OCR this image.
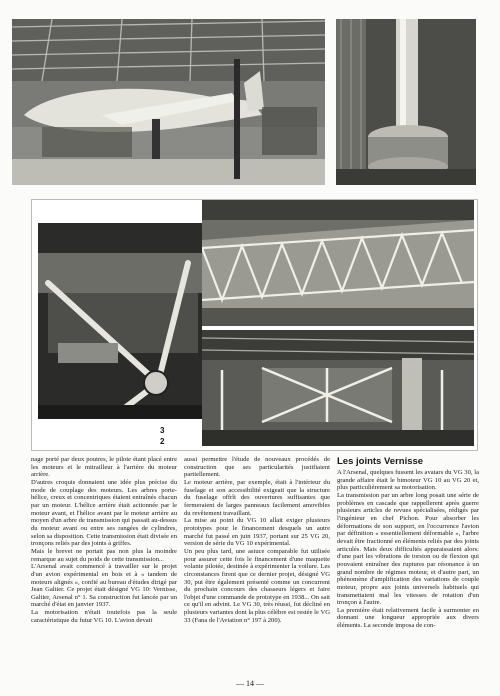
3
2

nage porté par deux poutres, le pilote étant placé entre les moteurs et le mitrailleur à l'arrière du moteur arrière.

D'autres croquis donnaient une idée plus précise du mode de couplage des moteurs. Les arbres porte-hélice, creux et concentriques étaient entraînés chacun par un moteur. L'hélice arrière était actionnée par le moteur avant, et l'hélice avant par le moteur arrière au moyen d'un arbre de transmission qui passait au-dessus du moteur avant ou entre ses rangées de cylindres, selon sa disposition. Cette transmission était divisée en tronçons reliés par des joints à griffes.

Mais le brevet ne portait pas non plus la moindre remarque au sujet du poids de cette transmission...

L'Arsenal avait commencé à travailler sur le projet d'un avion expérimental en bois et à « tandem de moteurs alignés », confié au bureau d'études dirigé par Jean Galtier. Ce projet était désigné VG 10: Vernisse, Galtier, Arsenal n° 1. Sa construction fut lancée par un marché d'état en janvier 1937.

La motorisation n'était toutefois pas la seule caractéristique du futur VG 10. L'avion devait

aussi permettre l'étude de nouveaux procédés de construction que ses particularités justifiaient partiellement.

Le moteur arrière, par exemple, était à l'intérieur du fuselage et son accessibilité exigeait que la structure du fuselage offrît des ouvertures suffisantes que fermeraient de larges panneaux facilement amovibles du revêtement travaillant.

La mise au point du VG 10 allait exiger plusieurs prototypes pour le financement desquels un autre marché fut passé en juin 1937, portant sur 25 VG 20, version de série du VG 10 expérimental.

Un peu plus tard, une astuce comparable fut utilisée pour assurer cette fois le financement d'une maquette volante pilotée, destinée à expérimenter la voilure. Les circonstances firent que ce dernier projet, désigné VG 30, put être également présenté comme un concurrent du prochain concours des chasseurs légers et faire l'objet d'une commande de prototype en 1938... On sait ce qu'il en advint. Le VG 30, très réussi, fut décliné en plusieurs variantes dont la plus célèbre est restée le VG 33 (Fana de l'Aviation n° 197 à 200).

Les joints Vernisse

A l'Arsenal, quelques fussent les avatars du VG 30, la grande affaire était le bimoteur VG 10 au VG 20 et, plus particulièrement sa motorisation.

La transmission par un arbre long posait une série de problèmes en cascade que rappellerent après guerre plusieurs articles de revues spécialisées, rédigés par l'ingénieur en chef Pichon. Pour absorber les déformations de son support, en l'occurrence l'avion par définition « essentiellement déformable », l'arbre devait être fractionné en éléments reliés par des joints articulés. Mais deux difficultés apparaissaient alors: d'une part les vibrations de torsion ou de flexion qui pouvaient entraîner des ruptures par résonance à un grand nombre de régimes moteur, et d'autre part, un phénomène d'amplification des variations de couple moteur, propre aux joints universels habituels qui transmettaient mal les vitesses de rotation d'un tronçon à l'autre.

La première était relativement facile à surmonter en donnant une longueur appropriée aux divers éléments. La seconde imposa de con-

— 14 —
